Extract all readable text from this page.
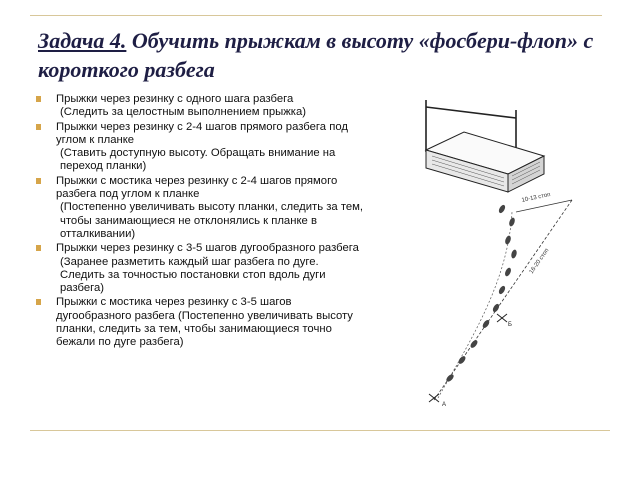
Задача 4. Обучить прыжкам в высоту «фосбери-флоп» с короткого разбега

Прыжки через резинку с одного шага разбега

(Следить за целостным выполнением прыжка)

Прыжки через резинку с 2-4 шагов прямого разбега под углом к планке

(Ставить доступную высоту. Обращать внимание на переход планки)

Прыжки с мостика через резинку с 2-4 шагов прямого разбега под углом к планке

(Постепенно увеличивать высоту планки, следить за тем, чтобы занимающиеся не отклонялись к планке в отталкивании)

Прыжки через резинку с 3-5 шагов дугообразного разбега

(Заранее разметить каждый шаг разбега по дуге. Следить за точностью постановки стоп вдоль дуги разбега)

Прыжки с мостика через резинку с 3-5 шагов дугообразного разбега (Постепенно увеличивать высоту планки, следить за тем, чтобы занимающиеся точно бежали по дуге разбега)

10-13 стоп
16-20 стоп
Б
А
